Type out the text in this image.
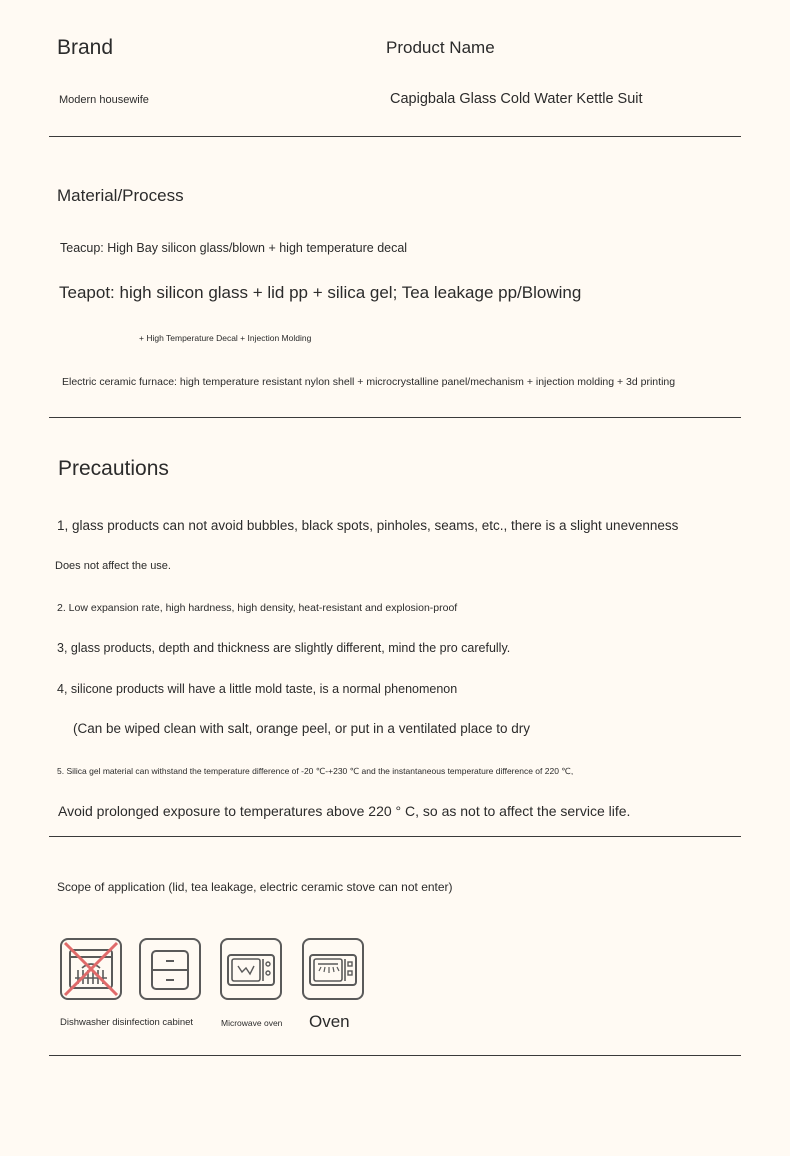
Brand	Product Name
Modern housewife	Capigbala Glass Cold Water Kettle Suit
Material/Process
Teacup: High Bay silicon glass/blown + high temperature decal
Teapot: high silicon glass + lid pp + silica gel; Tea leakage pp/Blowing
+ High Temperature Decal + Injection Molding
Electric ceramic furnace: high temperature resistant nylon shell + microcrystalline panel/mechanism + injection molding + 3d printing
Precautions
1, glass products can not avoid bubbles, black spots, pinholes, seams, etc., there is a slight unevenness
Does not affect the use.
2. Low expansion rate, high hardness, high density, heat-resistant and explosion-proof
3, glass products, depth and thickness are slightly different, mind the pro carefully.
4, silicone products will have a little mold taste, is a normal phenomenon
(Can be wiped clean with salt, orange peel, or put in a ventilated place to dry
5. Silica gel material can withstand the temperature difference of -20 ℃-+230 ℃ and the instantaneous temperature difference of 220 ℃,
Avoid prolonged exposure to temperatures above 220 ° C, so as not to affect the service life.
Scope of application (lid, tea leakage, electric ceramic stove can not enter)
Dishwasher disinfection cabinet	Microwave oven Oven
